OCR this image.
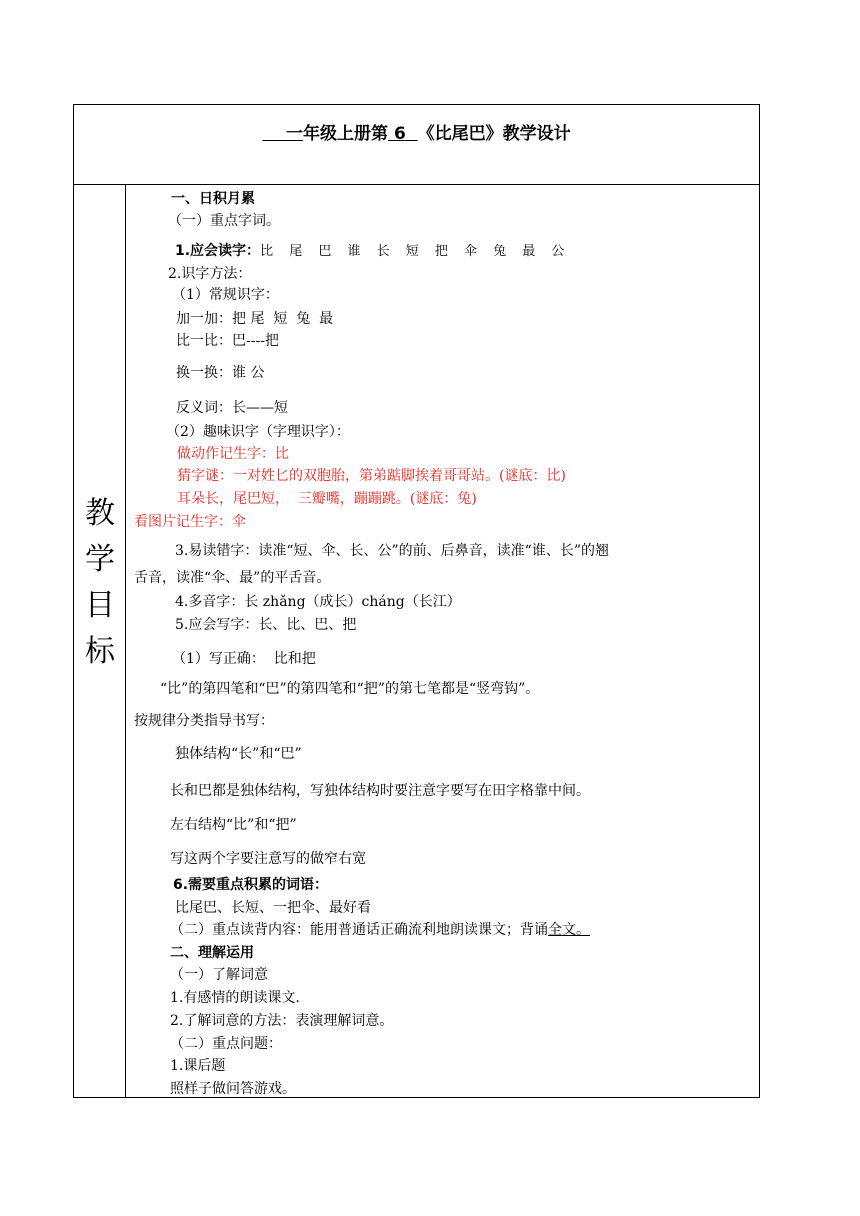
一年级上册第 6 《比尾巴》教学设计
教
学
目
标
一、日积月累
（一）重点字词。
1.应会读字：比 尾 巴 谁 长 短 把 伞 兔 最 公
2.识字方法：
（1）常规识字：
加一加：把 尾  短  兔  最
比一比：巴----把
换一换：谁 公
反义词：长——短
（2）趣味识字（字理识字）：
做动作记生字：比
猜字谜：一对姓匕的双胞胎，第弟踮脚挨着哥哥站。(谜底：比)
耳朵长，尾巴短，  三瓣嘴，蹦蹦跳。(谜底：兔)
看图片记生字：伞
3.易读错字：读准“短、伞、长、公”的前、后鼻音，读准“谁、长”的翘
舌音，读准“伞、最”的平舌音。
4.多音字：长 zhǎng（成长）cháng（长江）
5.应会写字：长、比、巴、把
（1）写正确：  比和把
“比”的第四笔和“巴”的第四笔和“把”的第七笔都是“竖弯钩”。
按规律分类指导书写：
独体结构“长”和“巴”
长和巴都是独体结构，写独体结构时要注意字要写在田字格靠中间。
左右结构“比”和“把”
写这两个字要注意写的做窄右宽
6.需要重点积累的词语：
比尾巴、长短、一把伞、最好看
（二）重点读背内容：能用普通话正确流利地朗读课文；背诵全文。
二、理解运用
（一）了解词意
1.有感情的朗读课文.
2.了解词意的方法：表演理解词意。
（二）重点问题：
1.课后题
照样子做问答游戏。
